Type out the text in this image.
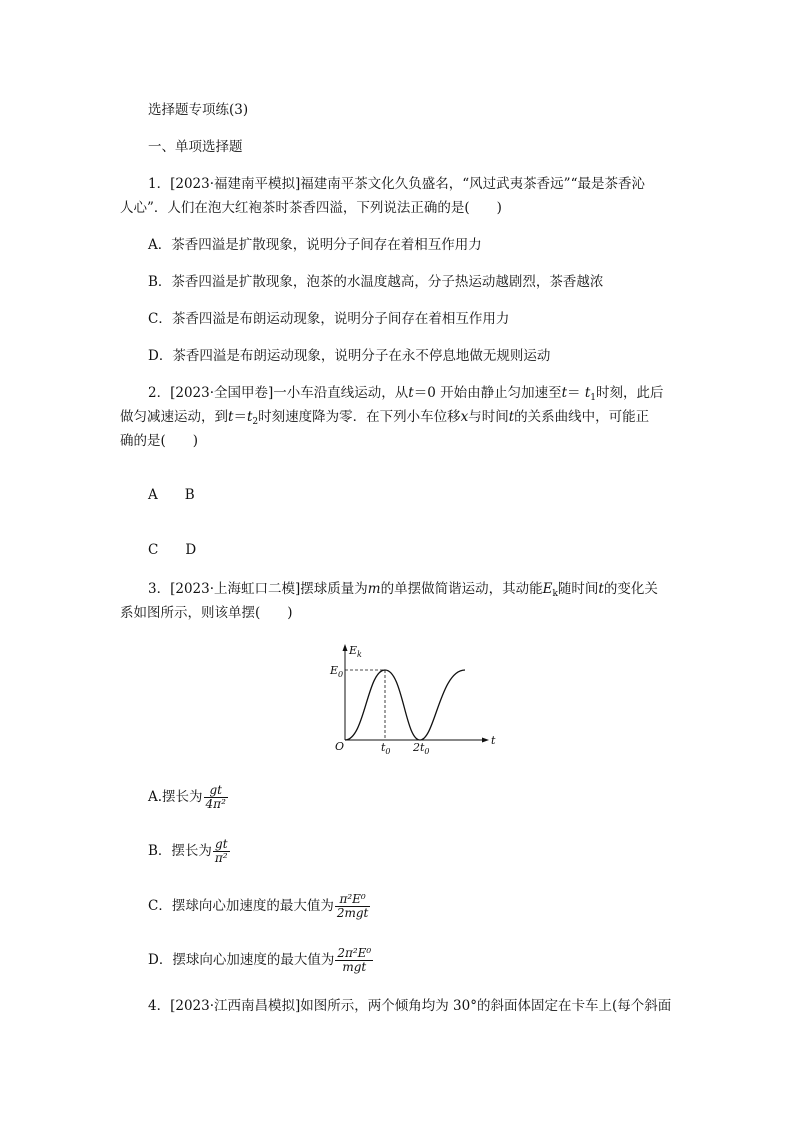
选择题专项练(3)
一、单项选择题
1．[2023·福建南平模拟]福建南平茶文化久负盛名，“风过武夷茶香远”“最是茶香沁
人心”．人们在泡大红袍茶时茶香四溢，下列说法正确的是(　　)
A．茶香四溢是扩散现象，说明分子间存在着相互作用力
B．茶香四溢是扩散现象，泡茶的水温度越高，分子热运动越剧烈，茶香越浓
C．茶香四溢是布朗运动现象，说明分子间存在着相互作用力
D．茶香四溢是布朗运动现象，说明分子在永不停息地做无规则运动
2．[2023·全国甲卷]一小车沿直线运动，从t＝0 开始由静止匀加速至$t= t_1$时刻，此后
做匀减速运动，到$t=t_2$时刻速度降为零．在下列小车位移x与时间t的关系曲线中，可能正
确的是(　　)
A　　B
C　　D
3．[2023·上海虹口二模]摆球质量为m的单摆做简谐运动，其动能$E_k$随时间t的变化关
系如图所示，则该单摆(　　)
$E_k$
$E_0$
O	$t_0$ $2t_0$
t
A.摆长为 $\frac{gt}{\text{4π²}}$
B．摆长为 $\frac{gt}{\text{π²}}$
C．摆球向心加速度的最大值为 $\frac{\text{π²E⁰}}{\text{2mgt}}$
D．摆球向心加速度的最大值为 $\frac{\text{2π²E⁰}}{\text{mgt}}$
4．[2023·江西南昌模拟]如图所示，两个倾角均为 30°的斜面体固定在卡车上(每个斜面
